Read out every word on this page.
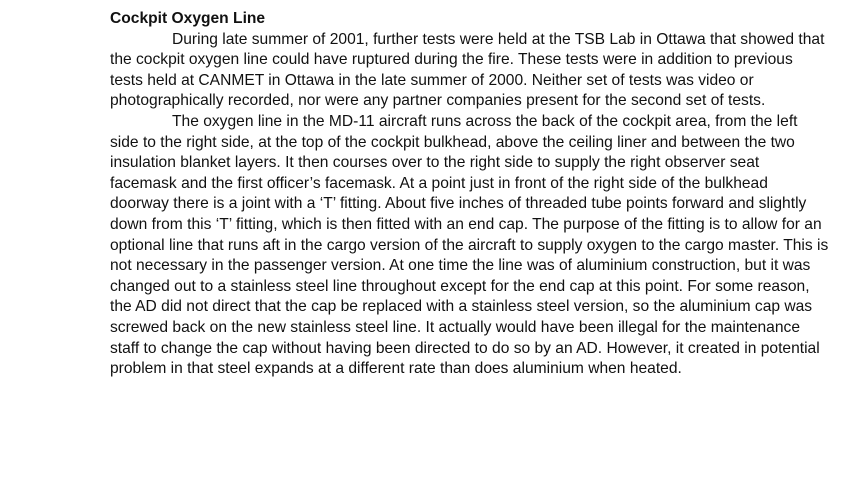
Cockpit Oxygen Line

During late summer of 2001, further tests were held at the TSB Lab in Ottawa that showed that the cockpit oxygen line could have ruptured during the fire. These tests were in addition to previous tests held at CANMET in Ottawa in the late summer of 2000. Neither set of tests was video or photographically recorded, nor were any partner companies present for the second set of tests.

The oxygen line in the MD-11 aircraft runs across the back of the cockpit area, from the left side to the right side, at the top of the cockpit bulkhead, above the ceiling liner and between the two insulation blanket layers. It then courses over to the right side to supply the right observer seat facemask and the first officer’s facemask. At a point just in front of the right side of the bulkhead doorway there is a joint with a ‘T’ fitting. About five inches of threaded tube points forward and slightly down from this ‘T’ fitting, which is then fitted with an end cap. The purpose of the fitting is to allow for an optional line that runs aft in the cargo version of the aircraft to supply oxygen to the cargo master. This is not necessary in the passenger version. At one time the line was of aluminium construction, but it was changed out to a stainless steel line throughout except for the end cap at this point. For some reason, the AD did not direct that the cap be replaced with a stainless steel version, so the aluminium cap was screwed back on the new stainless steel line. It actually would have been illegal for the maintenance staff to change the cap without having been directed to do so by an AD. However, it created in potential problem in that steel expands at a different rate than does aluminium when heated.
